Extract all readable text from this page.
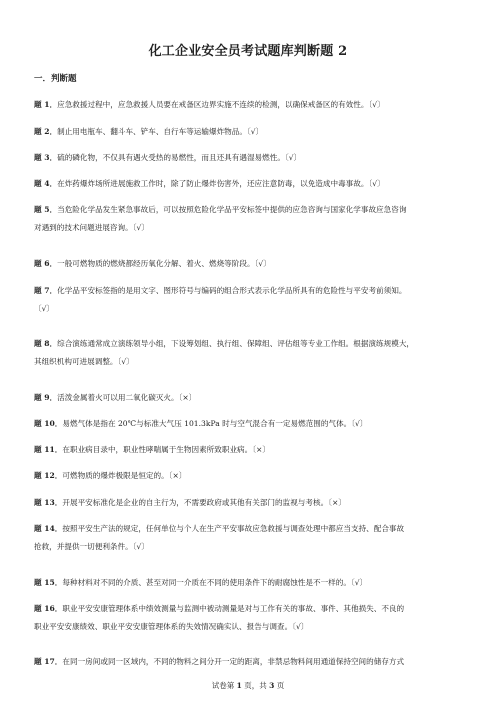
化工企业安全员考试题库判断题 2
一．判断题
题 1．应急救援过程中，应急救援人员要在戒备区边界实施不连续的检测，以确保戒备区的有效性。〔√〕
题 2．制止用电瓶车、翻斗车、铲车、自行车等运输爆炸物品。〔√〕
题 3．硫的磷化物，不仅具有遇火受热的易燃性，而且还具有遇湿易燃性。〔√〕
题 4．在炸药爆炸场所进展施救工作时，除了防止爆炸伤害外，还应注意防毒，以免造成中毒事故。〔√〕
题 5．当危险化学品发生紧急事故后，可以按照危险化学品平安标签中提供的应急咨询与国家化学事故应急咨询
对遇到的技术问题进展咨询。〔√〕
题 6．一般可燃物质的燃烧都经历氧化分解、着火、燃烧等阶段。〔√〕
题 7．化学品平安标签指的是用文字、图形符号与编码的组合形式表示化学品所具有的危险性与平安考前须知。
〔√〕
题 8．综合演练通常成立演练领导小组，下设筹划组、执行组、保障组、评估组等专业工作组。根据演练规模大，
其组织机构可进展调整。〔√〕
题 9．活泼金属着火可以用二氧化碳灭火。〔×〕
题 10．易燃气体是指在 20℃与标准大气压 101.3kPa 时与空气混合有一定易燃范围的气体。〔√〕
题 11．在职业病目录中，职业性哮喘属于生物因素所致职业病。〔×〕
题 12．可燃物质的爆炸极限是恒定的。〔×〕
题 13．开展平安标准化是企业的自主行为，不需要政府或其他有关部门的监视与考核。〔×〕
题 14．按照平安生产法的规定，任何单位与个人在生产平安事故应急救援与调查处理中都应当支持、配合事故
抢救，并提供一切便利条件。〔√〕
题 15．每种材料对不同的介质、甚至对同一介质在不同的使用条件下的耐腐蚀性是不一样的。〔√〕
题 16．职业平安安康管理体系中绩效测量与监测中被动测量是对与工作有关的事故、事件、其他损失、不良的
职业平安安康绩效、职业平安安康管理体系的失效情况确实认、报告与调查。〔√〕
题 17．在同一房间或同一区域内，不同的物料之间分开一定的距离，非禁忌物料间用通道保持空间的储存方式
试卷第 1 页，共 3 页
